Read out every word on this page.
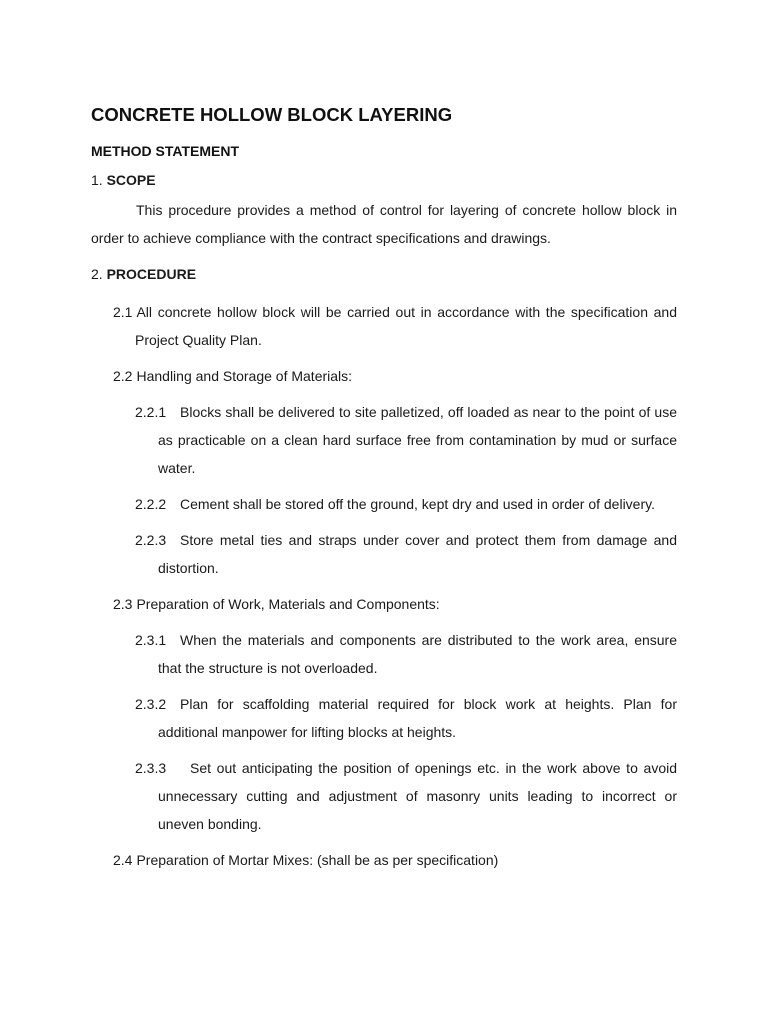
CONCRETE HOLLOW BLOCK LAYERING
METHOD STATEMENT
1. SCOPE

This procedure provides a method of control for layering of concrete hollow block in order to achieve compliance with the contract specifications and drawings.

2. PROCEDURE
2.1 All concrete hollow block will be carried out in accordance with the specification and Project Quality Plan.
2.2 Handling and Storage of Materials:
2.2.1 Blocks shall be delivered to site palletized, off loaded as near to the point of use as practicable on a clean hard surface free from contamination by mud or surface water.
2.2.2 Cement shall be stored off the ground, kept dry and used in order of delivery.
2.2.3 Store metal ties and straps under cover and protect them from damage and distortion.
2.3 Preparation of Work, Materials and Components:
2.3.1 When the materials and components are distributed to the work area, ensure that the structure is not overloaded.
2.3.2 Plan for scaffolding material required for block work at heights. Plan for additional manpower for lifting blocks at heights.
2.3.3 Set out anticipating the position of openings etc. in the work above to avoid unnecessary cutting and adjustment of masonry units leading to incorrect or uneven bonding.
2.4 Preparation of Mortar Mixes: (shall be as per specification)
